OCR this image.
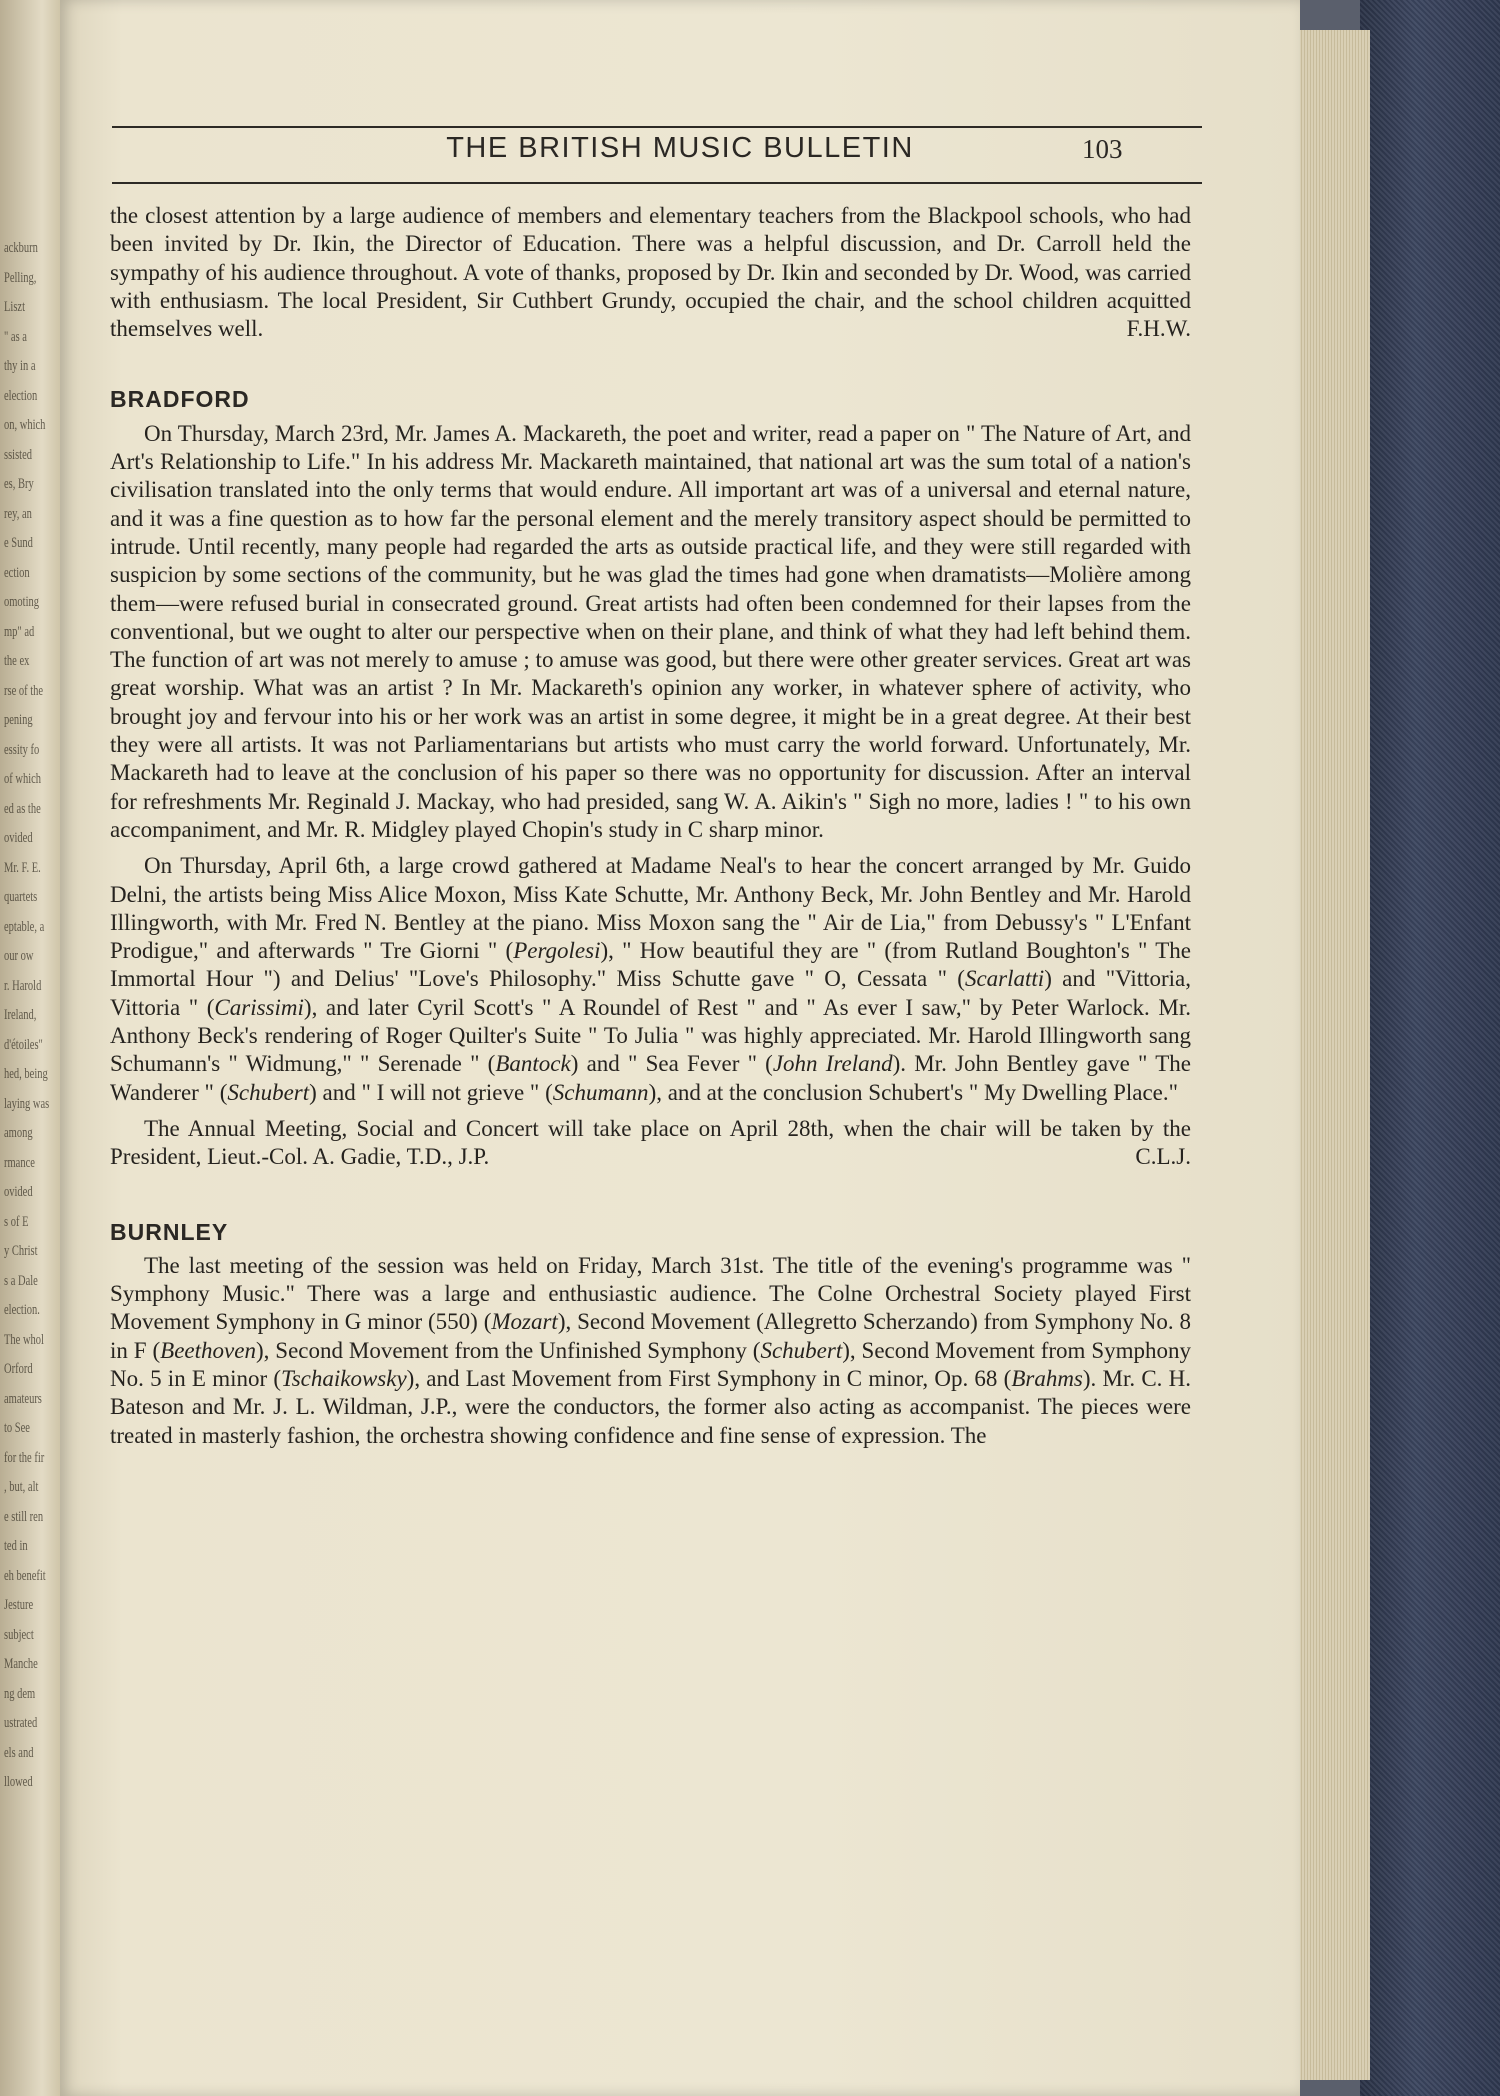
ackburn
Pelling,
Liszt
" as a
thy in a
election
on, which
ssisted
es, Bry
rey, an
e Sund
ection
omoting
mp" ad
the ex
rse of the
pening
essity fo
of which
ed as the
ovided
Mr. F. E.
quartets
eptable, a
our ow
r. Harold
Ireland,
d'étoiles"
hed, being
laying was
among
rmance
ovided
s of E
y Christ
s a Dale
election.
The whol
Orford
amateurs
to See
for the fir
, but, alt
e still ren
ted in
eh benefit
Jesture
subject
Manche
ng dem
ustrated
els and
llowed
THE BRITISH MUSIC BULLETIN	103

the closest attention by a large audience of members and elementary teachers from the Blackpool schools, who had been invited by Dr. Ikin, the Director of Education. There was a helpful discussion, and Dr. Carroll held the sympathy of his audience throughout. A vote of thanks, proposed by Dr. Ikin and seconded by Dr. Wood, was carried with enthusiasm. The local President, Sir Cuthbert Grundy, occupied the chair, and the school children acquitted themselves well.	F.H.W.

BRADFORD

On Thursday, March 23rd, Mr. James A. Mackareth, the poet and writer, read a paper on " The Nature of Art, and Art's Relationship to Life." In his address Mr. Mackareth maintained, that national art was the sum total of a nation's civilisation translated into the only terms that would endure. All important art was of a universal and eternal nature, and it was a fine question as to how far the personal element and the merely transitory aspect should be permitted to intrude. Until recently, many people had regarded the arts as outside practical life, and they were still regarded with suspicion by some sections of the community, but he was glad the times had gone when dramatists—Molière among them—were refused burial in consecrated ground. Great artists had often been condemned for their lapses from the conventional, but we ought to alter our perspective when on their plane, and think of what they had left behind them. The function of art was not merely to amuse ; to amuse was good, but there were other greater services. Great art was great worship. What was an artist ? In Mr. Mackareth's opinion any worker, in whatever sphere of activity, who brought joy and fervour into his or her work was an artist in some degree, it might be in a great degree. At their best they were all artists. It was not Parliamentarians but artists who must carry the world forward. Unfortunately, Mr. Mackareth had to leave at the conclusion of his paper so there was no opportunity for discussion. After an interval for refreshments Mr. Reginald J. Mackay, who had presided, sang W. A. Aikin's " Sigh no more, ladies ! " to his own accompaniment, and Mr. R. Midgley played Chopin's study in C sharp minor.

On Thursday, April 6th, a large crowd gathered at Madame Neal's to hear the concert arranged by Mr. Guido Delni, the artists being Miss Alice Moxon, Miss Kate Schutte, Mr. Anthony Beck, Mr. John Bentley and Mr. Harold Illingworth, with Mr. Fred N. Bentley at the piano. Miss Moxon sang the " Air de Lia," from Debussy's " L'Enfant Prodigue," and afterwards " Tre Giorni " (Pergolesi), " How beautiful they are " (from Rutland Boughton's " The Immortal Hour ") and Delius' "Love's Philosophy." Miss Schutte gave " O, Cessata " (Scarlatti) and "Vittoria, Vittoria " (Carissimi), and later Cyril Scott's " A Roundel of Rest " and " As ever I saw," by Peter Warlock. Mr. Anthony Beck's rendering of Roger Quilter's Suite " To Julia " was highly appreciated. Mr. Harold Illingworth sang Schumann's " Widmung," " Serenade " (Bantock) and " Sea Fever " (John Ireland). Mr. John Bentley gave " The Wanderer " (Schubert) and " I will not grieve " (Schumann), and at the conclusion Schubert's " My Dwelling Place."

The Annual Meeting, Social and Concert will take place on April 28th, when the chair will be taken by the President, Lieut.-Col. A. Gadie, T.D., J.P.	C.L.J.

BURNLEY

The last meeting of the session was held on Friday, March 31st. The title of the evening's programme was " Symphony Music." There was a large and enthusiastic audience. The Colne Orchestral Society played First Movement Symphony in G minor (550) (Mozart), Second Movement (Allegretto Scherzando) from Symphony No. 8 in F (Beethoven), Second Movement from the Unfinished Symphony (Schubert), Second Movement from Symphony No. 5 in E minor (Tschaikowsky), and Last Movement from First Symphony in C minor, Op. 68 (Brahms). Mr. C. H. Bateson and Mr. J. L. Wildman, J.P., were the conductors, the former also acting as accompanist. The pieces were treated in masterly fashion, the orchestra showing confidence and fine sense of expression. The
